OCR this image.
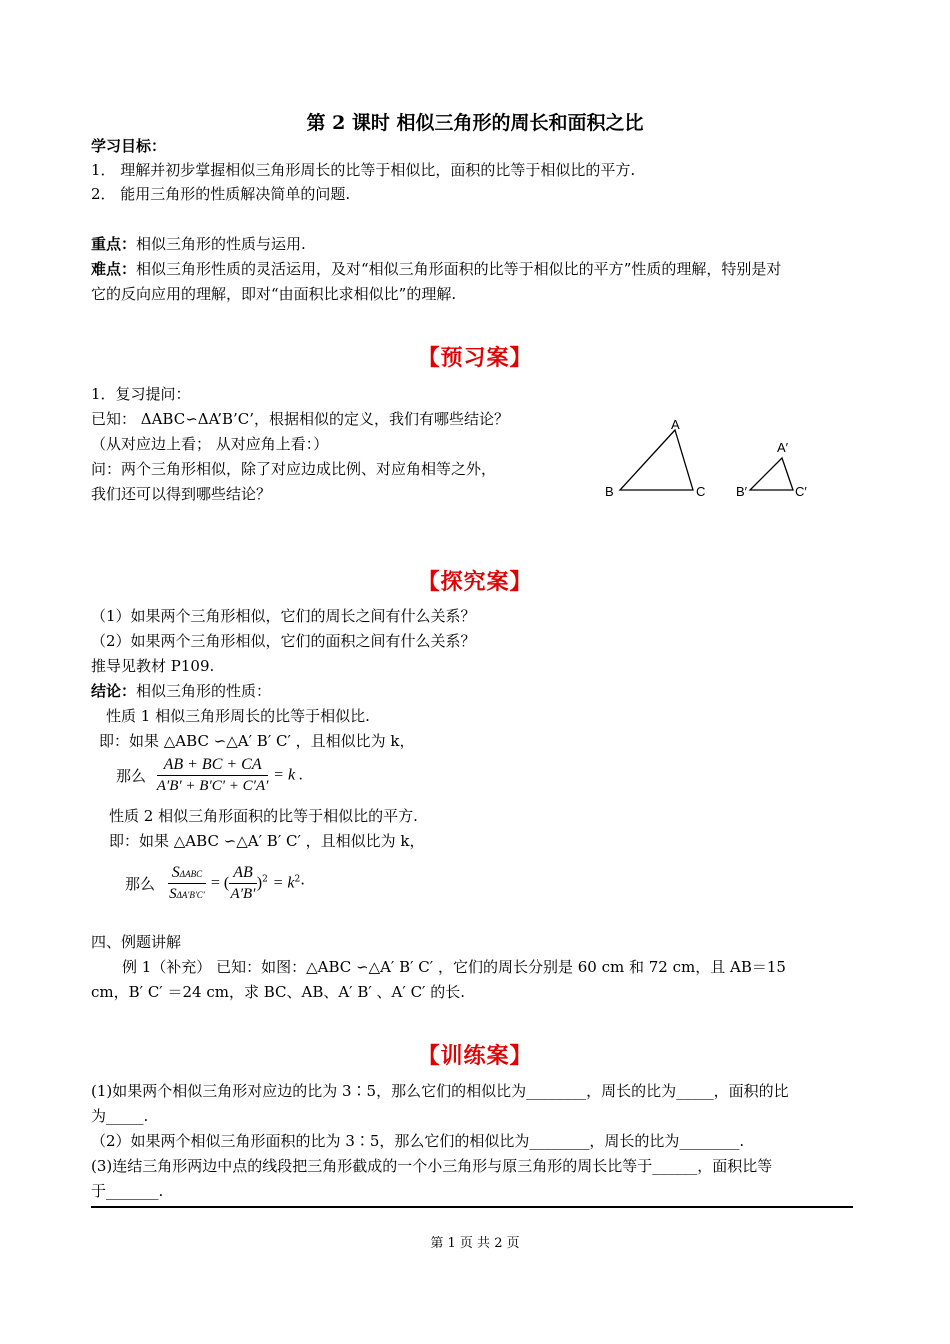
第 2 课时 相似三角形的周长和面积之比
学习目标：
1． 理解并初步掌握相似三角形周长的比等于相似比，面积的比等于相似比的平方.
2． 能用三角形的性质解决简单的问题.
重点：相似三角形的性质与运用.
难点：相似三角形性质的灵活运用，及对“相似三角形面积的比等于相似比的平方”性质的理解，特别是对
它的反向应用的理解，即对“由面积比求相似比”的理解.
【预习案】
1．复习提问：
已知： ΔABC∽ΔA’B’C’，根据相似的定义，我们有哪些结论？
（从对应边上看； 从对应角上看：）
问：两个三角形相似，除了对应边成比例、对应角相等之外，
我们还可以得到哪些结论？
A
B	C
A′
B′	C′
【探究案】
（1）如果两个三角形相似，它们的周长之间有什么关系？
（2）如果两个三角形相似，它们的面积之间有什么关系？
推导见教材 P109.
结论：相似三角形的性质：
性质 1 相似三角形周长的比等于相似比.
即：如果 △ABC ∽△A′ B′ C′ ，且相似比为 k，
那么 $\frac{AB + BC + CA}{A'B' + B'C' + C'A'} = k$ .
性质 2 相似三角形面积的比等于相似比的平方.
即：如果 △ABC ∽△A′ B′ C′ ，且相似比为 k，
那么 $\frac{\text{SΔABC}}{\text{SΔA′B′C′}}$ = ( $\frac{AB}{A'B'} )^2 = k^2\cdot$
四、例题讲解
例 1（补充） 已知：如图：△ABC ∽△A′ B′ C′ ，它们的周长分别是 60 cm 和 72 cm，且 AB＝15
cm，B′ C′ ＝24 cm，求 BC、AB、A′ B′ 、A′ C′ 的长.
【训练案】
(1)如果两个相似三角形对应边的比为 3∶5，那么它们的相似比为________，周长的比为_____，面积的比
为_____.
（2）如果两个相似三角形面积的比为 3∶5，那么它们的相似比为________，周长的比为________.
(3)连结三角形两边中点的线段把三角形截成的一个小三角形与原三角形的周长比等于______，面积比等
于_______.
第 1 页 共 2 页
